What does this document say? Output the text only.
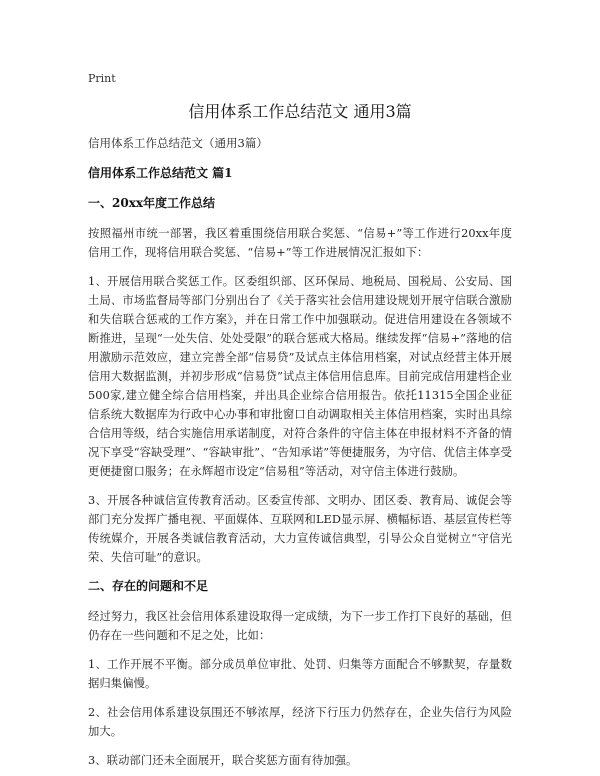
Print
信用体系工作总结范文 通用3篇

信用体系工作总结范文（通用3篇）

信用体系工作总结范文 篇1

一、20xx年度工作总结

按照福州市统一部署，我区着重围绕信用联合奖惩、“信易+”等工作进行20xx年度信用工作，现将信用联合奖惩、“信易+”等工作进展情况汇报如下：

1、开展信用联合奖惩工作。区委组织部、区环保局、地税局、国税局、公安局、国土局、市场监督局等部门分别出台了《关于落实社会信用建设规划开展守信联合激励和失信联合惩戒的工作方案》，并在日常工作中加强联动。促进信用建设在各领域不断推进，呈现“一处失信、处处受限”的联合惩戒大格局。继续发挥“信易+”落地的信用激励示范效应，建立完善全部“信易贷”及试点主体信用档案，对试点经营主体开展信用大数据监测，并初步形成“信易贷”试点主体信用信息库。目前完成信用建档企业500家,建立健全综合信用档案，并出具企业综合信用报告。依托11315全国企业征信系统大数据库为行政中心办事和审批窗口自动调取相关主体信用档案，实时出具综合信用等级，结合实施信用承诺制度，对符合条件的守信主体在申报材料不齐备的情况下享受“容缺受理”、“容缺审批”、“告知承诺”等便捷服务，为守信、优信主体享受更便捷窗口服务；在永辉超市设定“信易租”等活动，对守信主体进行鼓励。

3、开展各种诚信宣传教育活动。区委宣传部、文明办、团区委、教育局、诚促会等部门充分发挥广播电视、平面媒体、互联网和LED显示屏、横幅标语、基层宣传栏等传统媒介，开展各类诚信教育活动，大力宣传诚信典型，引导公众自觉树立“守信光荣、失信可耻”的意识。

二、存在的问题和不足

经过努力，我区社会信用体系建设取得一定成绩，为下一步工作打下良好的基础，但仍存在一些问题和不足之处，比如：

1、工作开展不平衡。部分成员单位审批、处罚、归集等方面配合不够默契，存量数据归集偏慢。

2、社会信用体系建设氛围还不够浓厚，经济下行压力仍然存在，企业失信行为风险加大。

3、联动部门还未全面展开，联合奖惩方面有待加强。
